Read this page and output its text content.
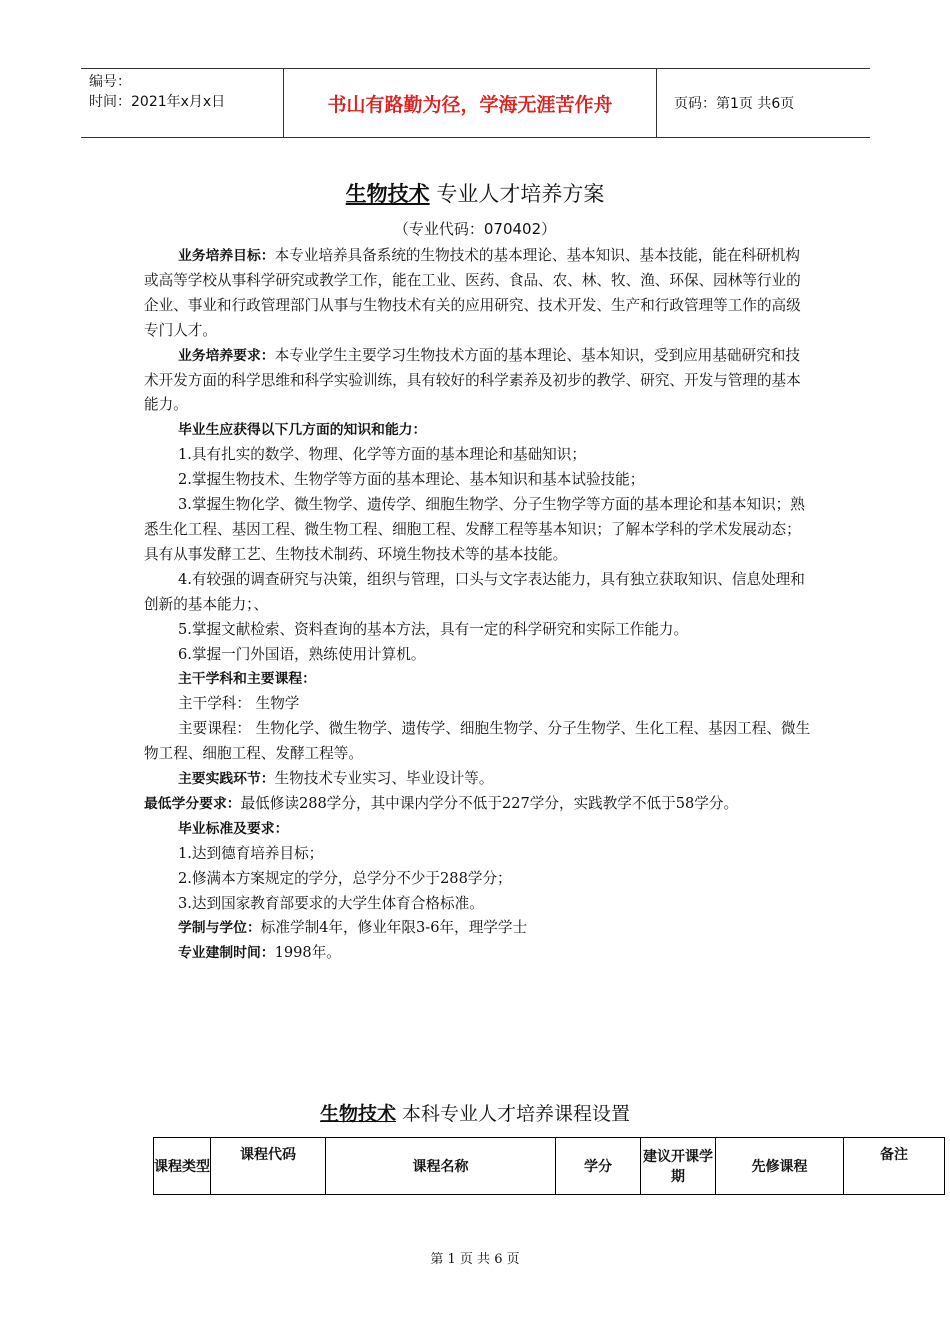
编号：
时间：2021年x月x日	书山有路勤为径，学海无涯苦作舟	页码：第1页 共6页
生物技术 专业人才培养方案
（专业代码：070402）

业务培养目标：本专业培养具备系统的生物技术的基本理论、基本知识、基本技能，能在科研机构或高等学校从事科学研究或教学工作，能在工业、医药、食品、农、林、牧、渔、环保、园林等行业的企业、事业和行政管理部门从事与生物技术有关的应用研究、技术开发、生产和行政管理等工作的高级专门人才。

业务培养要求：本专业学生主要学习生物技术方面的基本理论、基本知识，受到应用基础研究和技术开发方面的科学思维和科学实验训练，具有较好的科学素养及初步的教学、研究、开发与管理的基本能力。

毕业生应获得以下几方面的知识和能力：

1.具有扎实的数学、物理、化学等方面的基本理论和基础知识；

2.掌握生物技术、生物学等方面的基本理论、基本知识和基本试验技能；

3.掌握生物化学、微生物学、遗传学、细胞生物学、分子生物学等方面的基本理论和基本知识；熟悉生化工程、基因工程、微生物工程、细胞工程、发酵工程等基本知识；了解本学科的学术发展动态；具有从事发酵工艺、生物技术制药、环境生物技术等的基本技能。

4.有较强的调查研究与决策，组织与管理，口头与文字表达能力，具有独立获取知识、信息处理和创新的基本能力；、

5.掌握文献检索、资料查询的基本方法，具有一定的科学研究和实际工作能力。

6.掌握一门外国语，熟练使用计算机。

主干学科和主要课程：

主干学科： 生物学

主要课程： 生物化学、微生物学、遗传学、细胞生物学、分子生物学、生化工程、基因工程、微生物工程、细胞工程、发酵工程等。

主要实践环节：生物技术专业实习、毕业设计等。

最低学分要求：最低修读288学分，其中课内学分不低于227学分，实践教学不低于58学分。

毕业标准及要求：

1.达到德育培养目标；

2.修满本方案规定的学分，总学分不少于288学分；

3.达到国家教育部要求的大学生体育合格标准。

学制与学位：标准学制4年，修业年限3-6年，理学学士

专业建制时间：1998年。

生物技术 本科专业人才培养课程设置
课程类型	课程代码	课程名称	学分	建议开课学期	先修课程	备注
第 1 页 共 6 页
